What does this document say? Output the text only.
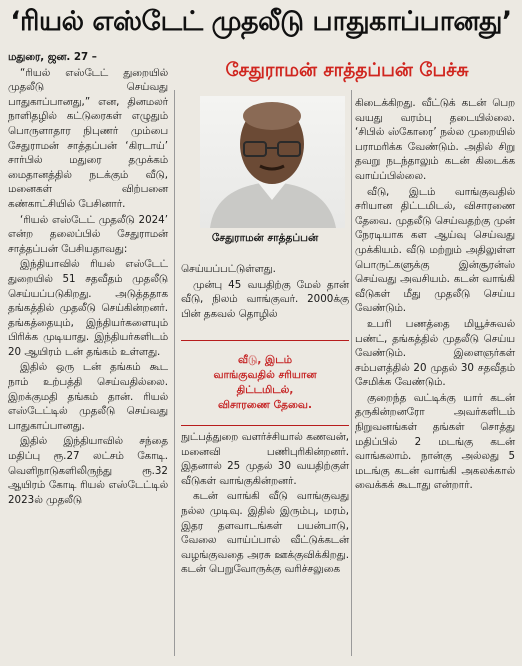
‘ரியல் எஸ்டேட் முதலீடு பாதுகாப்பானது’

மதுரை, ஜன. 27 –

“ரியல் எஸ்டேட் துறையில் முதலீடு செய்வது பாதுகாப்பானது,” என, தினமலர் நாளிதழில் கட்டுரைகள் எழுதும் பொருளாதார நிபுணர் மும்பை சேதுராமன் சாத்தப்பன் ‘கிரடாய்’ சார்பில் மதுரை தமுக்கம் மைதானத்தில் நடக்கும் வீடு, மனைகள் விற்பனை கண்காட்சியில் பேசினார்.

‘ரியல் எஸ்டேட் முதலீடு 2024’ என்ற தலைப்பில் சேதுராமன் சாத்தப்பன் பேசியதாவது:

இந்தியாவில் ரியல் எஸ்டேட் துறையில் 51 சதவீதம் முதலீடு செய்யப்படுகிறது. அடுத்ததாக தங்கத்தில் முதலீடு செய்கின்றனர். தங்கத்தையும், இந்தியர்களையும் பிரிக்க முடியாது. இந்தியர்களிடம் 20 ஆயிரம் டன் தங்கம் உள்ளது.

இதில் ஒரு டன் தங்கம் கூட நாம் உற்பத்தி செய்வதில்லை. இறக்குமதி தங்கம் தான். ரியல் எஸ்டேட்டில் முதலீடு செய்வது பாதுகாப்பானது.

இதில் இந்தியாவில் சந்தை மதிப்பு ரூ.27 லட்சம் கோடி. வெளிநாடுகளிலிருந்து ரூ.32 ஆயிரம் கோடி ரியல் எஸ்டேட்டில் 2023ல் முதலீடு

சேதுராமன் சாத்தப்பன் பேச்சு
சேதுராமன் சாத்தப்பன்

செய்யப்பட்டுள்ளது.

முன்பு 45 வயதிற்கு மேல் தான் வீடு, நிலம் வாங்குவர். 2000க்கு பின் தகவல் தொழில்

வீடு, இடம்
வாங்குவதில் சரியான
திட்டமிடல்,
விசாரணை தேவை.

நுட்பத்துறை வளர்ச்சியால் கணவன், மனைவி பணிபுரிகின்றனர். இதனால் 25 முதல் 30 வயதிற்குள் வீடுகள் வாங்குகின்றனர்.

கடன் வாங்கி வீடு வாங்குவது நல்ல முடிவு. இதில் இரும்பு, மரம், இதர தளவாடங்கள் பயன்பாடு, வேலை வாய்ப்பால் வீட்டுக்கடன் வழங்குவதை அரசு ஊக்குவிக்கிறது. கடன் பெறுவோருக்கு வரிச்சலுகை

கிடைக்கிறது. வீட்டுக் கடன் பெற வயது வரம்பு தடையில்லை. ‘சிபில் ஸ்கோரை’ நல்ல முறையில் பராமரிக்க வேண்டும். அதில் சிறு தவறு நடந்தாலும் கடன் கிடைக்க வாய்ப்பில்லை.

வீடு, இடம் வாங்குவதில் சரியான திட்டமிடல், விசாரணை தேவை. முதலீடு செய்வதற்கு முன் நேரடியாக கள ஆய்வு செய்வது முக்கியம். வீடு மற்றும் அதிலுள்ள பொருட்களுக்கு இன்சூரன்ஸ் செய்வது அவசியம். கடன் வாங்கி வீடுகள் மீது முதலீடு செய்ய வேண்டும்.

உபரி பணத்தை மியூச்சுவல் பண்ட், தங்கத்தில் முதலீடு செய்ய வேண்டும். இளைஞர்கள் சம்பளத்தில் 20 முதல் 30 சதவீதம் சேமிக்க வேண்டும்.

குறைந்த வட்டிக்கு யார் கடன் தருகின்றனரோ அவர்களிடம் நிறுவனங்கள் தங்கள் சொத்து மதிப்பில் 2 மடங்கு கடன் வாங்கலாம். நான்கு அல்லது 5 மடங்கு கடன் வாங்கி அகலக்கால் வைக்கக் கூடாது என்றார்.
